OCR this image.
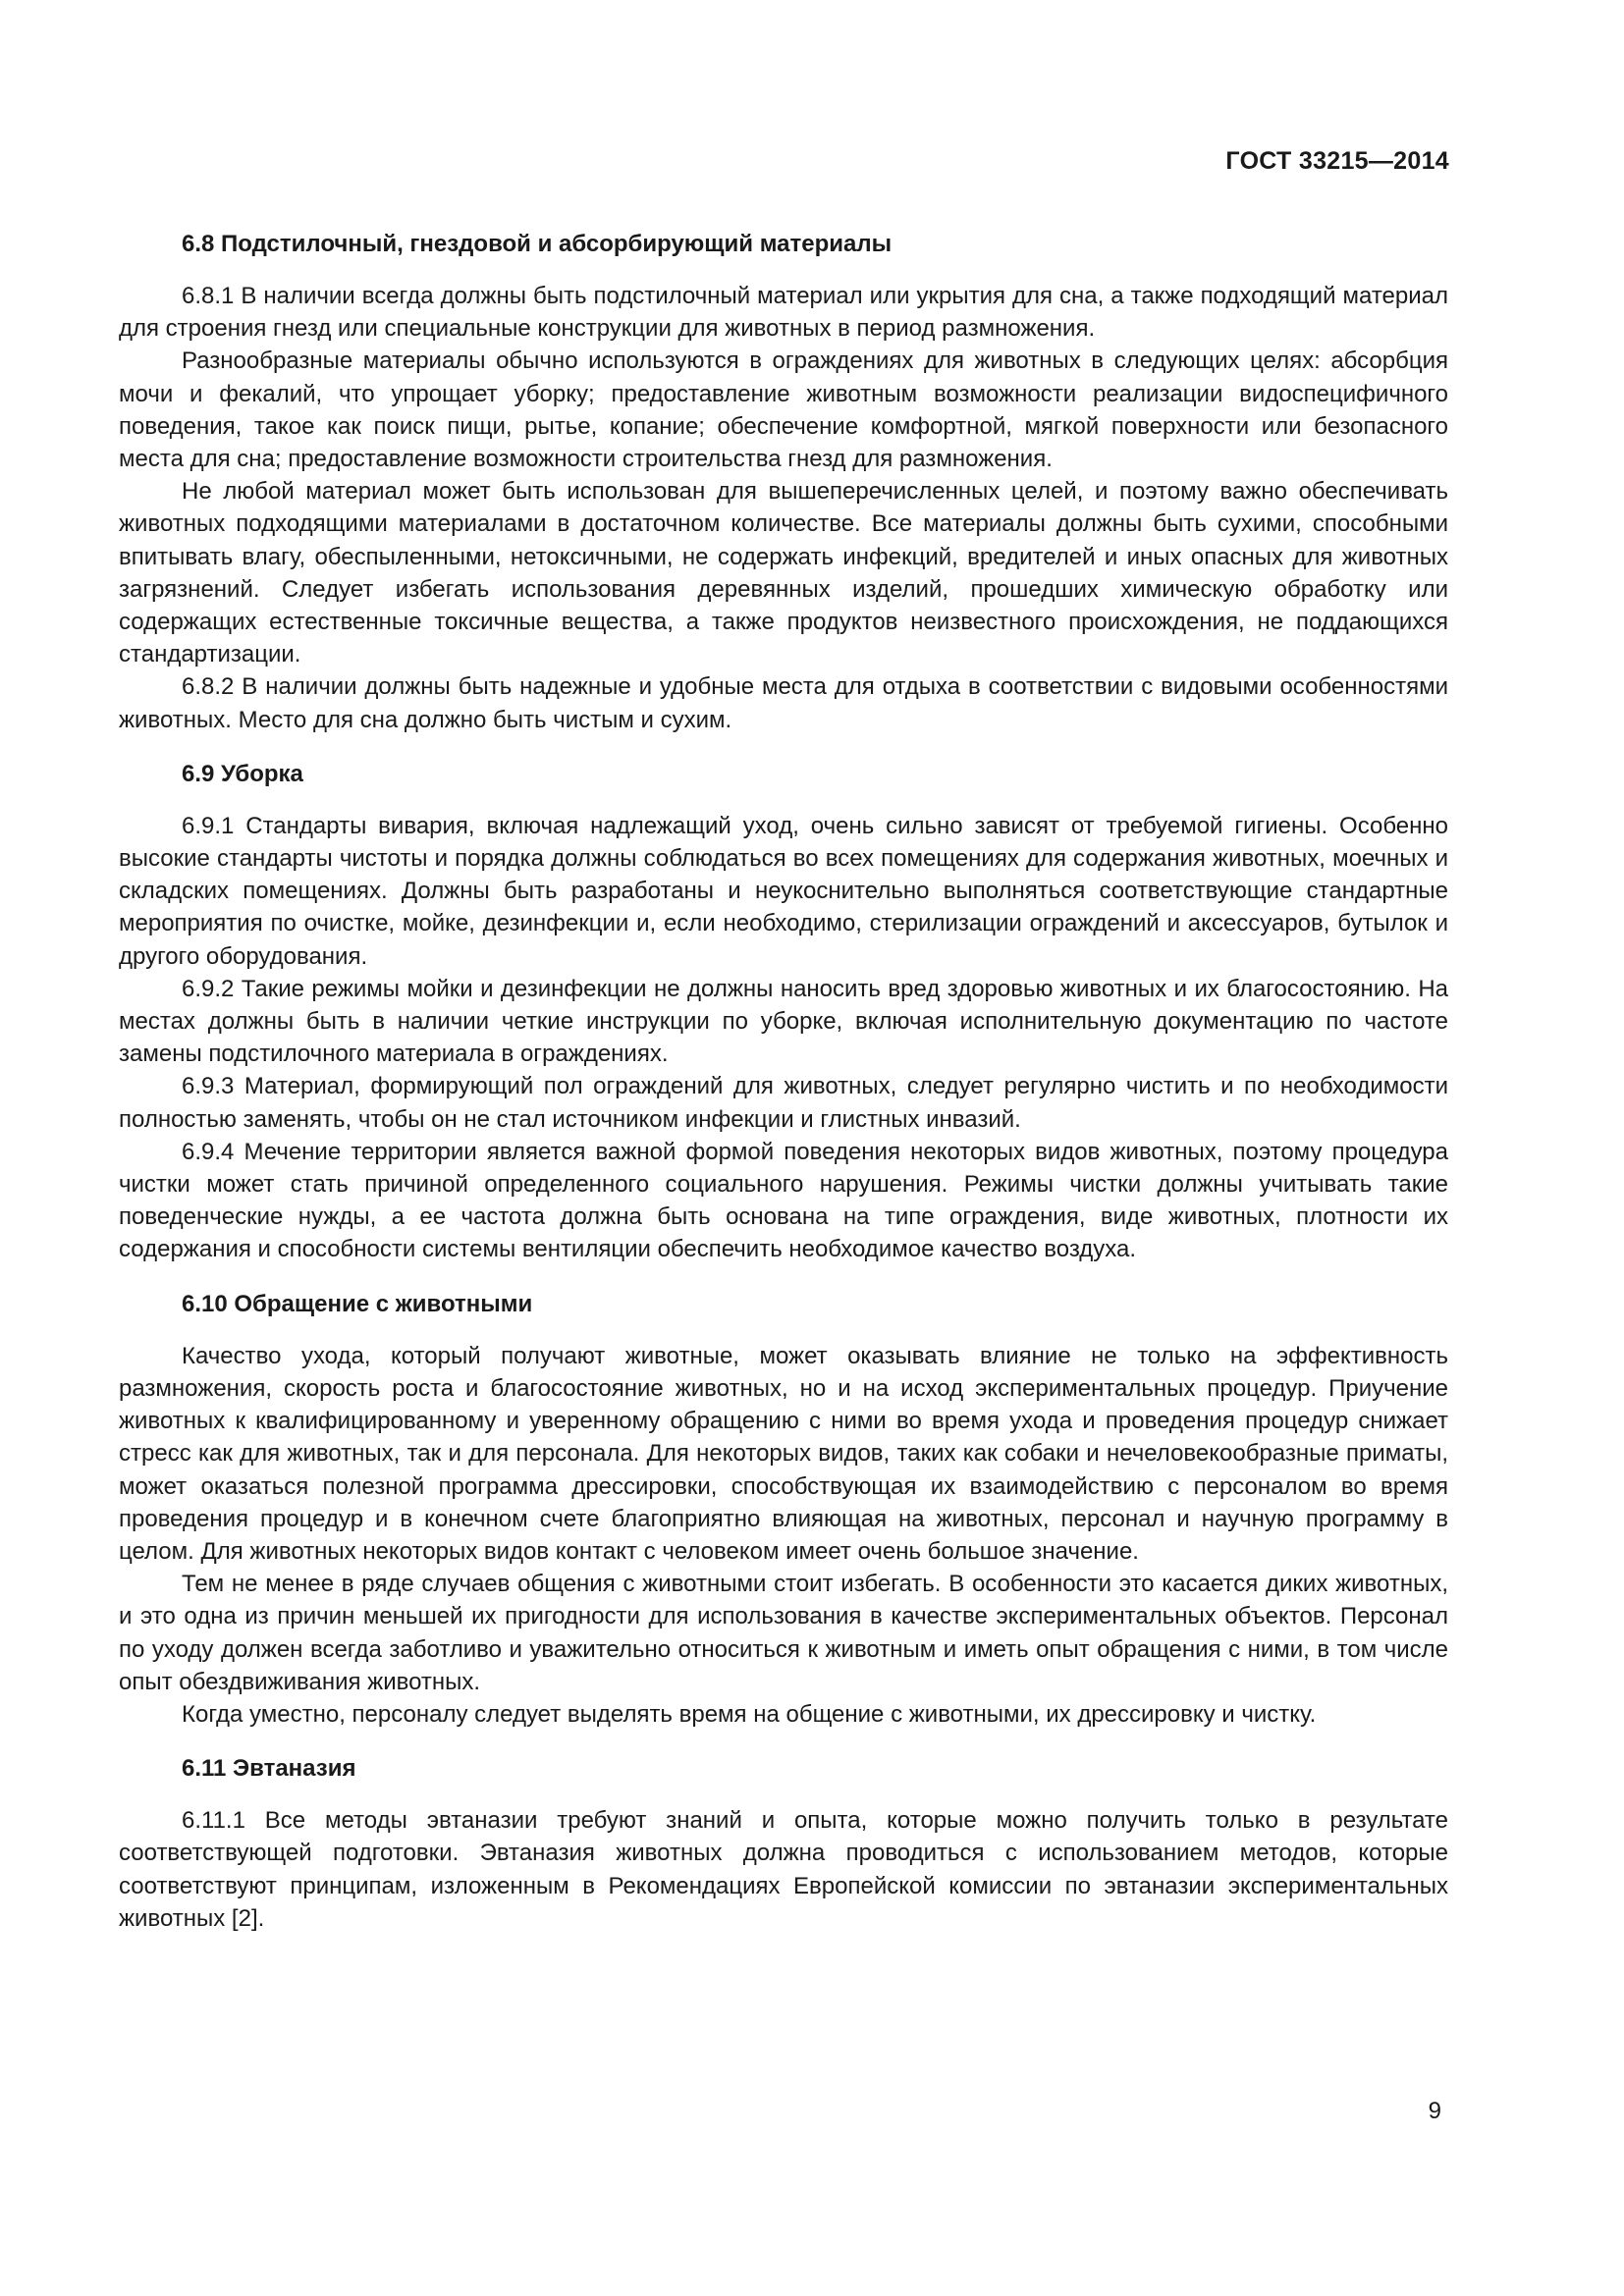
ГОСТ 33215—2014
6.8 Подстилочный, гнездовой и абсорбирующий материалы

6.8.1 В наличии всегда должны быть подстилочный материал или укрытия для сна, а также подходящий материал для строения гнезд или специальные конструкции для животных в период размножения.

Разнообразные материалы обычно используются в ограждениях для животных в следующих целях: абсорбция мочи и фекалий, что упрощает уборку; предоставление животным возможности реализации видоспецифичного поведения, такое как поиск пищи, рытье, копание; обеспечение комфортной, мягкой поверхности или безопасного места для сна; предоставление возможности строительства гнезд для размножения.

Не любой материал может быть использован для вышеперечисленных целей, и поэтому важно обеспечивать животных подходящими материалами в достаточном количестве. Все материалы должны быть сухими, способными впитывать влагу, обеспыленными, нетоксичными, не содержать инфекций, вредителей и иных опасных для животных загрязнений. Следует избегать использования деревянных изделий, прошедших химическую обработку или содержащих естественные токсичные вещества, а также продуктов неизвестного происхождения, не поддающихся стандартизации.

6.8.2 В наличии должны быть надежные и удобные места для отдыха в соответствии с видовыми особенностями животных. Место для сна должно быть чистым и сухим.

6.9 Уборка

6.9.1 Стандарты вивария, включая надлежащий уход, очень сильно зависят от требуемой гигиены. Особенно высокие стандарты чистоты и порядка должны соблюдаться во всех помещениях для содержания животных, моечных и складских помещениях. Должны быть разработаны и неукоснительно выполняться соответствующие стандартные мероприятия по очистке, мойке, дезинфекции и, если необходимо, стерилизации ограждений и аксессуаров, бутылок и другого оборудования.

6.9.2 Такие режимы мойки и дезинфекции не должны наносить вред здоровью животных и их благосостоянию. На местах должны быть в наличии четкие инструкции по уборке, включая исполнительную документацию по частоте замены подстилочного материала в ограждениях.

6.9.3 Материал, формирующий пол ограждений для животных, следует регулярно чистить и по необходимости полностью заменять, чтобы он не стал источником инфекции и глистных инвазий.

6.9.4 Мечение территории является важной формой поведения некоторых видов животных, поэтому процедура чистки может стать причиной определенного социального нарушения. Режимы чистки должны учитывать такие поведенческие нужды, а ее частота должна быть основана на типе ограждения, виде животных, плотности их содержания и способности системы вентиляции обеспечить необходимое качество воздуха.

6.10 Обращение с животными

Качество ухода, который получают животные, может оказывать влияние не только на эффективность размножения, скорость роста и благосостояние животных, но и на исход экспериментальных процедур. Приучение животных к квалифицированному и уверенному обращению с ними во время ухода и проведения процедур снижает стресс как для животных, так и для персонала. Для некоторых видов, таких как собаки и нечеловекообразные приматы, может оказаться полезной программа дрессировки, способствующая их взаимодействию с персоналом во время проведения процедур и в конечном счете благоприятно влияющая на животных, персонал и научную программу в целом. Для животных некоторых видов контакт с человеком имеет очень большое значение.

Тем не менее в ряде случаев общения с животными стоит избегать. В особенности это касается диких животных, и это одна из причин меньшей их пригодности для использования в качестве экспериментальных объектов. Персонал по уходу должен всегда заботливо и уважительно относиться к животным и иметь опыт обращения с ними, в том числе опыт обездвиживания животных.

Когда уместно, персоналу следует выделять время на общение с животными, их дрессировку и чистку.

6.11 Эвтаназия

6.11.1 Все методы эвтаназии требуют знаний и опыта, которые можно получить только в результате соответствующей подготовки. Эвтаназия животных должна проводиться с использованием методов, которые соответствуют принципам, изложенным в Рекомендациях Европейской комиссии по эвтаназии экспериментальных животных [2].

9
